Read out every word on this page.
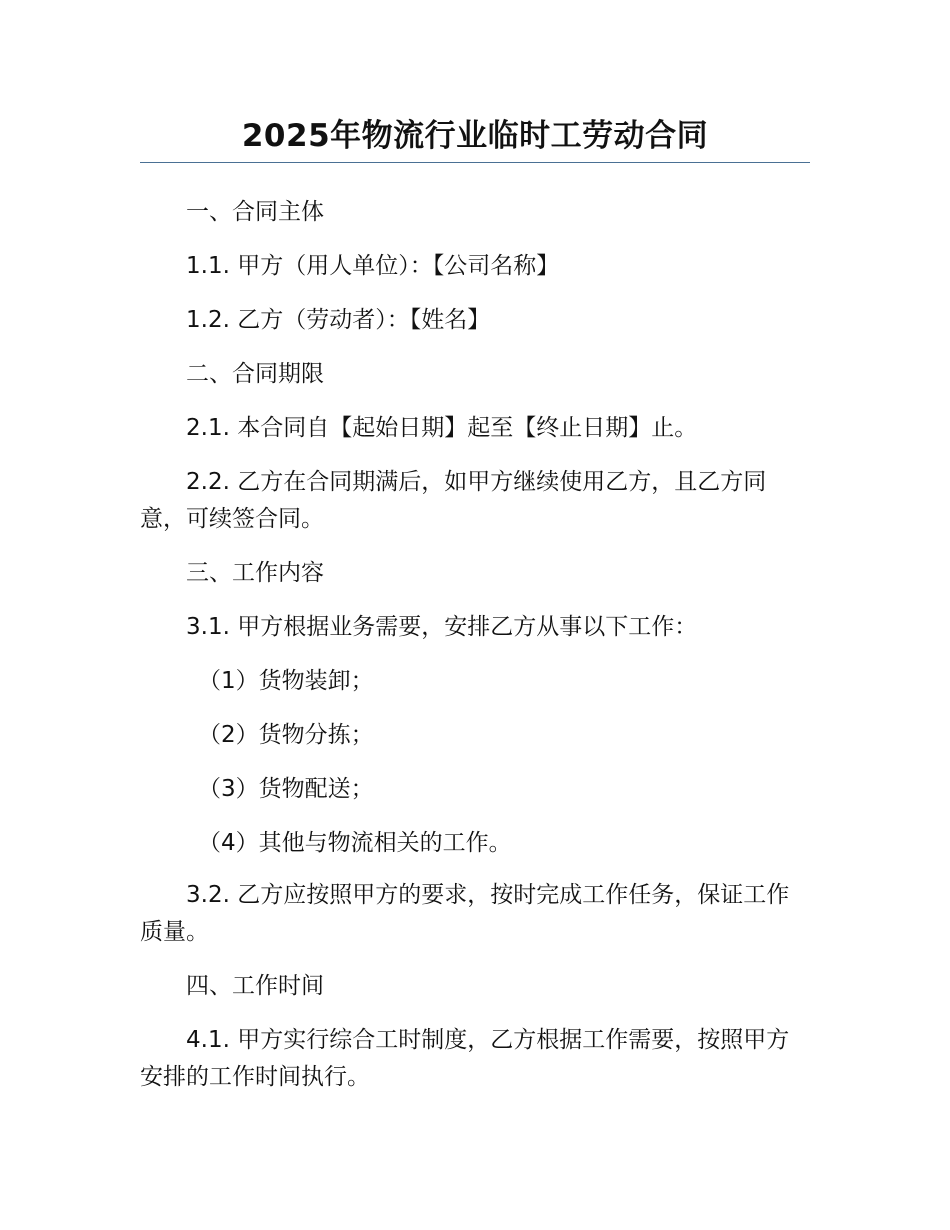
2025年物流行业临时工劳动合同

一、合同主体

1.1. 甲方（用人单位）：【公司名称】

1.2. 乙方（劳动者）：【姓名】

二、合同期限

2.1. 本合同自【起始日期】起至【终止日期】止。

2.2. 乙方在合同期满后，如甲方继续使用乙方，且乙方同意，可续签合同。

三、工作内容

3.1. 甲方根据业务需要，安排乙方从事以下工作：

（1）货物装卸；

（2）货物分拣；

（3）货物配送；

（4）其他与物流相关的工作。

3.2. 乙方应按照甲方的要求，按时完成工作任务，保证工作质量。

四、工作时间

4.1. 甲方实行综合工时制度，乙方根据工作需要，按照甲方安排的工作时间执行。
